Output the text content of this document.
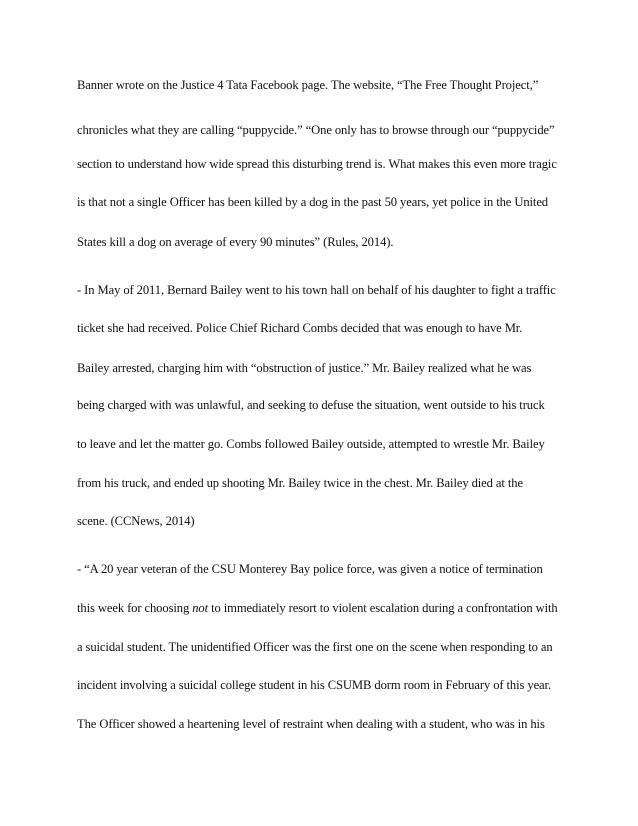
Banner wrote on the Justice 4 Tata Facebook page. The website, “The Free Thought Project,”
chronicles what they are calling “puppycide.” “One only has to browse through our “puppycide”
section to understand how wide spread this disturbing trend is. What makes this even more tragic
is that not a single Officer has been killed by a dog in the past 50 years, yet police in the United
States kill a dog on average of every 90 minutes” (Rules, 2014).
- In May of 2011, Bernard Bailey went to his town hall on behalf of his daughter to fight a traffic
ticket she had received. Police Chief Richard Combs decided that was enough to have Mr.
Bailey arrested, charging him with “obstruction of justice.” Mr. Bailey realized what he was
being charged with was unlawful, and seeking to defuse the situation, went outside to his truck
to leave and let the matter go. Combs followed Bailey outside, attempted to wrestle Mr. Bailey
from his truck, and ended up shooting Mr. Bailey twice in the chest. Mr. Bailey died at the
scene. (CCNews, 2014)
- “A 20 year veteran of the CSU Monterey Bay police force, was given a notice of termination
this week for choosing not to immediately resort to violent escalation during a confrontation with
a suicidal student. The unidentified Officer was the first one on the scene when responding to an
incident involving a suicidal college student in his CSUMB dorm room in February of this year.
The Officer showed a heartening level of restraint when dealing with a student, who was in his
